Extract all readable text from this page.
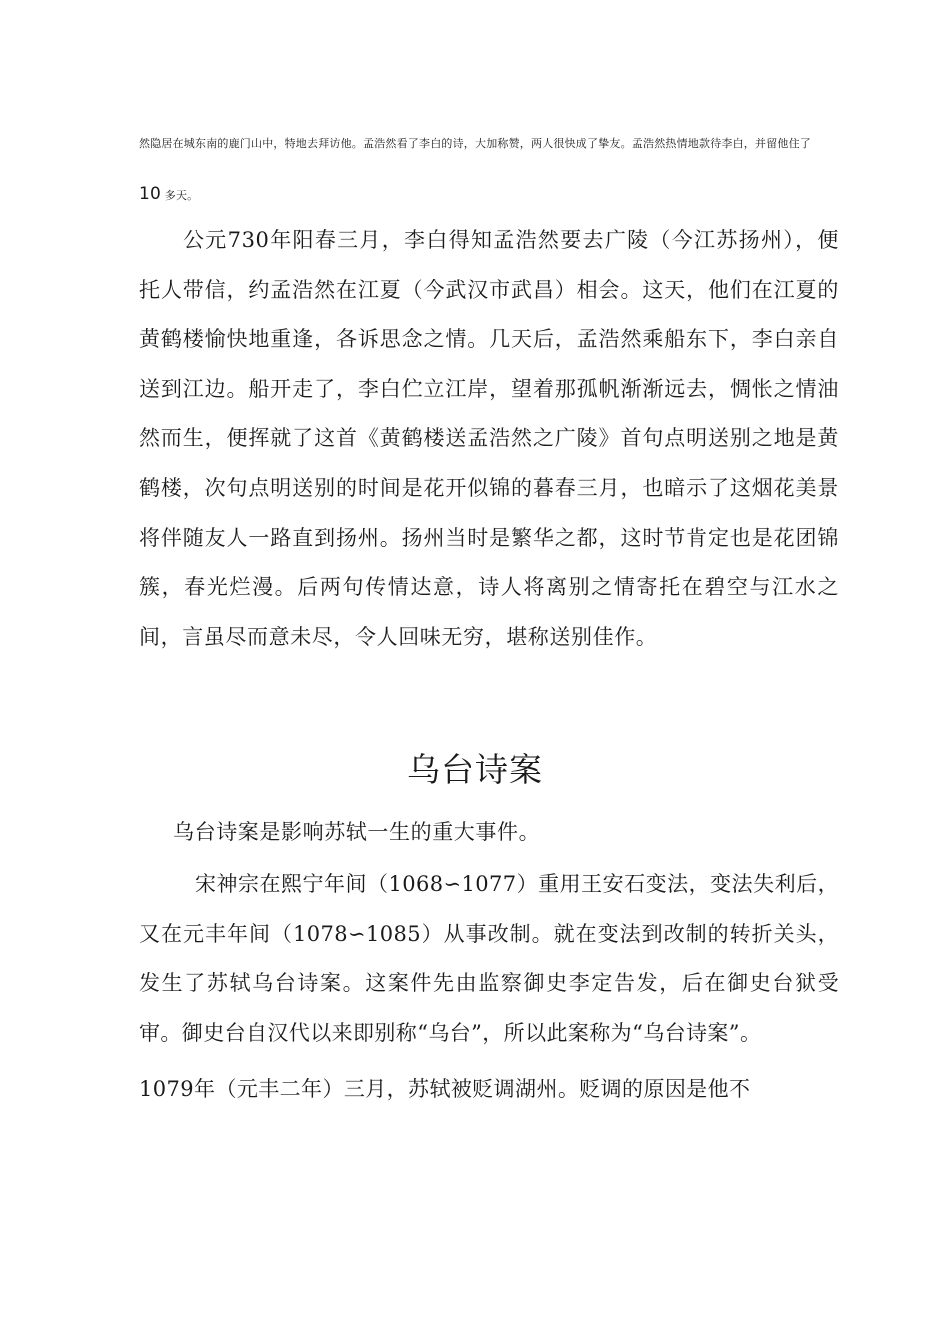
然隐居在城东南的鹿门山中，特地去拜访他。孟浩然看了李白的诗，大加称赞，两人很快成了挚友。孟浩然热情地款待李白，并留他住了10 多天。

公元730年阳春三月，李白得知孟浩然要去广陵（今江苏扬州），便托人带信，约孟浩然在江夏（今武汉市武昌）相会。这天，他们在江夏的黄鹤楼愉快地重逢，各诉思念之情。几天后，孟浩然乘船东下，李白亲自送到江边。船开走了，李白伫立江岸，望着那孤帆渐渐远去，惆怅之情油然而生，便挥就了这首《黄鹤楼送孟浩然之广陵》首句点明送别之地是黄鹤楼，次句点明送别的时间是花开似锦的暮春三月，也暗示了这烟花美景将伴随友人一路直到扬州。扬州当时是繁华之都，这时节肯定也是花团锦簇，春光烂漫。后两句传情达意，诗人将离别之情寄托在碧空与江水之间，言虽尽而意未尽，令人回味无穷，堪称送别佳作。

乌台诗案

乌台诗案是影响苏轼一生的重大事件。

宋神宗在熙宁年间（1068∽1077）重用王安石变法，变法失利后，又在元丰年间（1078∽1085）从事改制。就在变法到改制的转折关头，发生了苏轼乌台诗案。这案件先由监察御史李定告发，后在御史台狱受审。御史台自汉代以来即别称“乌台”，所以此案称为“乌台诗案”。

1079年（元丰二年）三月，苏轼被贬调湖州。贬调的原因是他不
